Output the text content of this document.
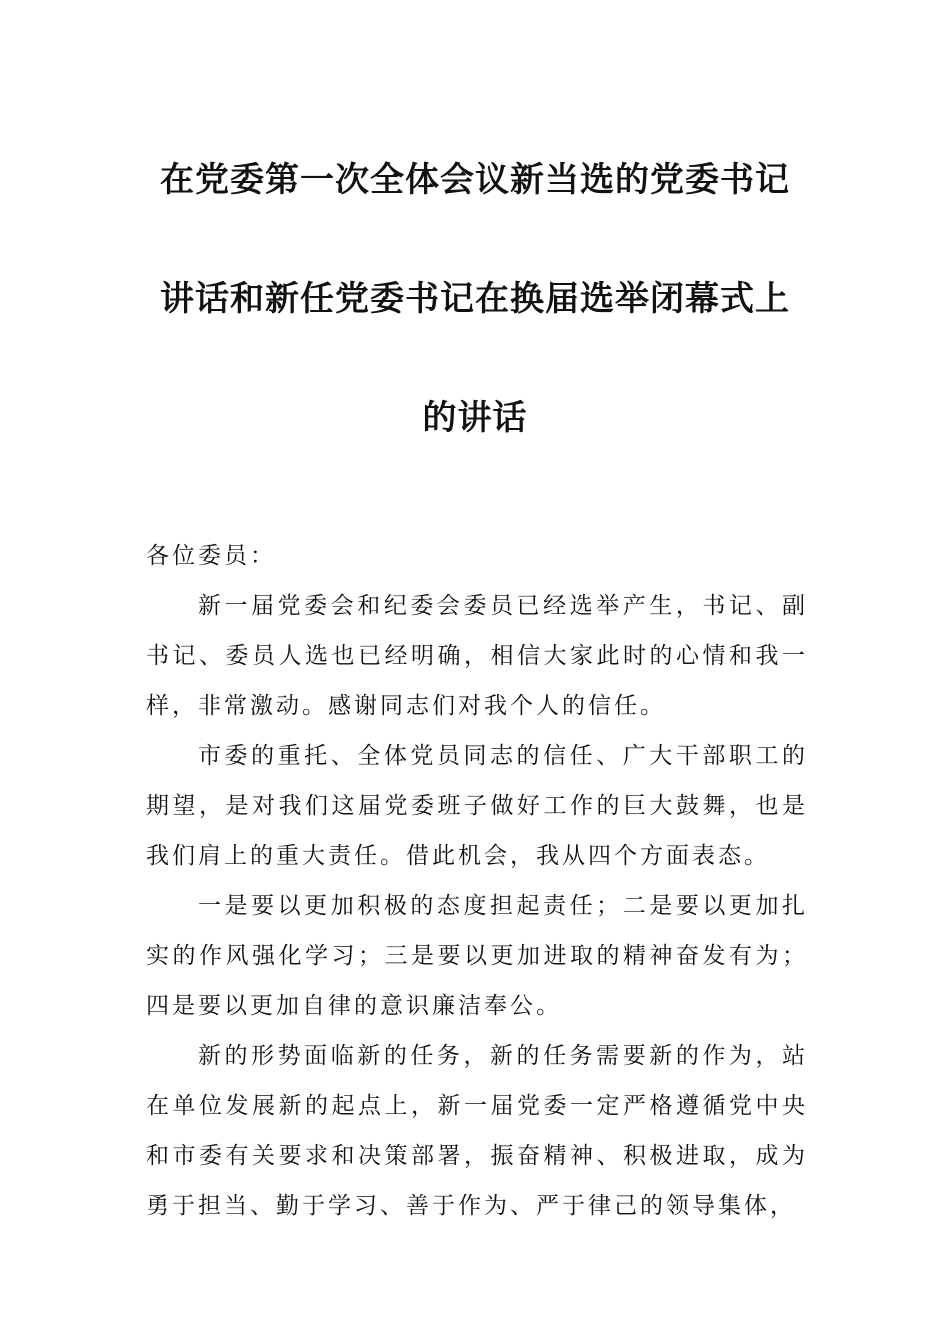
在党委第一次全体会议新当选的党委书记
讲话和新任党委书记在换届选举闭幕式上
的讲话

各位委员：

新一届党委会和纪委会委员已经选举产生，书记、副书记、委员人选也已经明确，相信大家此时的心情和我一样，非常激动。感谢同志们对我个人的信任。

市委的重托、全体党员同志的信任、广大干部职工的期望，是对我们这届党委班子做好工作的巨大鼓舞，也是我们肩上的重大责任。借此机会，我从四个方面表态。

一是要以更加积极的态度担起责任；二是要以更加扎实的作风强化学习；三是要以更加进取的精神奋发有为；四是要以更加自律的意识廉洁奉公。

新的形势面临新的任务，新的任务需要新的作为，站在单位发展新的起点上，新一届党委一定严格遵循党中央和市委有关要求和决策部署，振奋精神、积极进取，成为勇于担当、勤于学习、善于作为、严于律己的领导集体，
